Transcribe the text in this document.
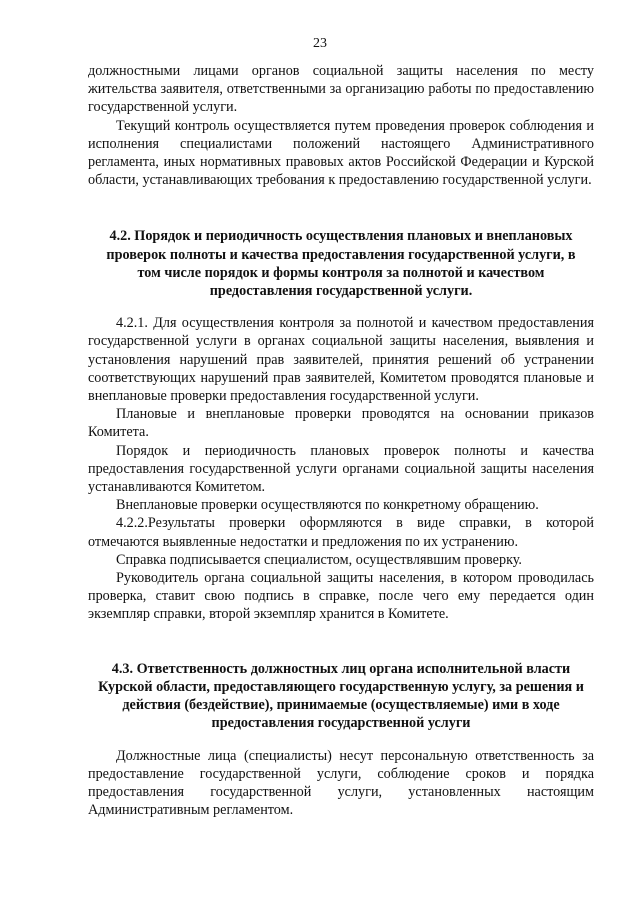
23

должностными лицами органов социальной защиты населения по месту жительства заявителя, ответственными за организацию работы по предоставлению государственной услуги.

Текущий контроль осуществляется путем проведения проверок соблюдения и исполнения специалистами положений настоящего Административного регламента, иных нормативных правовых актов Российской Федерации и Курской области, устанавливающих требования к предоставлению государственной услуги.

4.2. Порядок и периодичность осуществления плановых и внеплановых проверок полноты и качества предоставления государственной услуги, в том числе порядок и формы контроля за полнотой и качеством предоставления государственной услуги.

4.2.1. Для осуществления контроля за полнотой и качеством предоставления государственной услуги в органах социальной защиты населения, выявления и установления нарушений прав заявителей, принятия решений об устранении соответствующих нарушений прав заявителей, Комитетом проводятся плановые и внеплановые проверки предоставления государственной услуги.

Плановые и внеплановые проверки проводятся на основании приказов Комитета.

Порядок и периодичность плановых проверок полноты и качества предоставления государственной услуги органами социальной защиты населения устанавливаются Комитетом.

Внеплановые проверки осуществляются по конкретному обращению.

4.2.2.Результаты проверки оформляются в виде справки, в которой отмечаются выявленные недостатки и предложения по их устранению.

Справка подписывается специалистом, осуществлявшим проверку.

Руководитель органа социальной защиты населения, в котором проводилась проверка, ставит свою подпись в справке, после чего ему передается один экземпляр справки, второй экземпляр хранится в Комитете.

4.3. Ответственность должностных лиц органа исполнительной власти Курской области, предоставляющего государственную услугу, за решения и действия (бездействие), принимаемые (осуществляемые) ими в ходе предоставления государственной услуги

Должностные лица (специалисты) несут персональную ответственность за предоставление государственной услуги, соблюдение сроков и порядка предоставления государственной услуги, установленных настоящим Административным регламентом.
